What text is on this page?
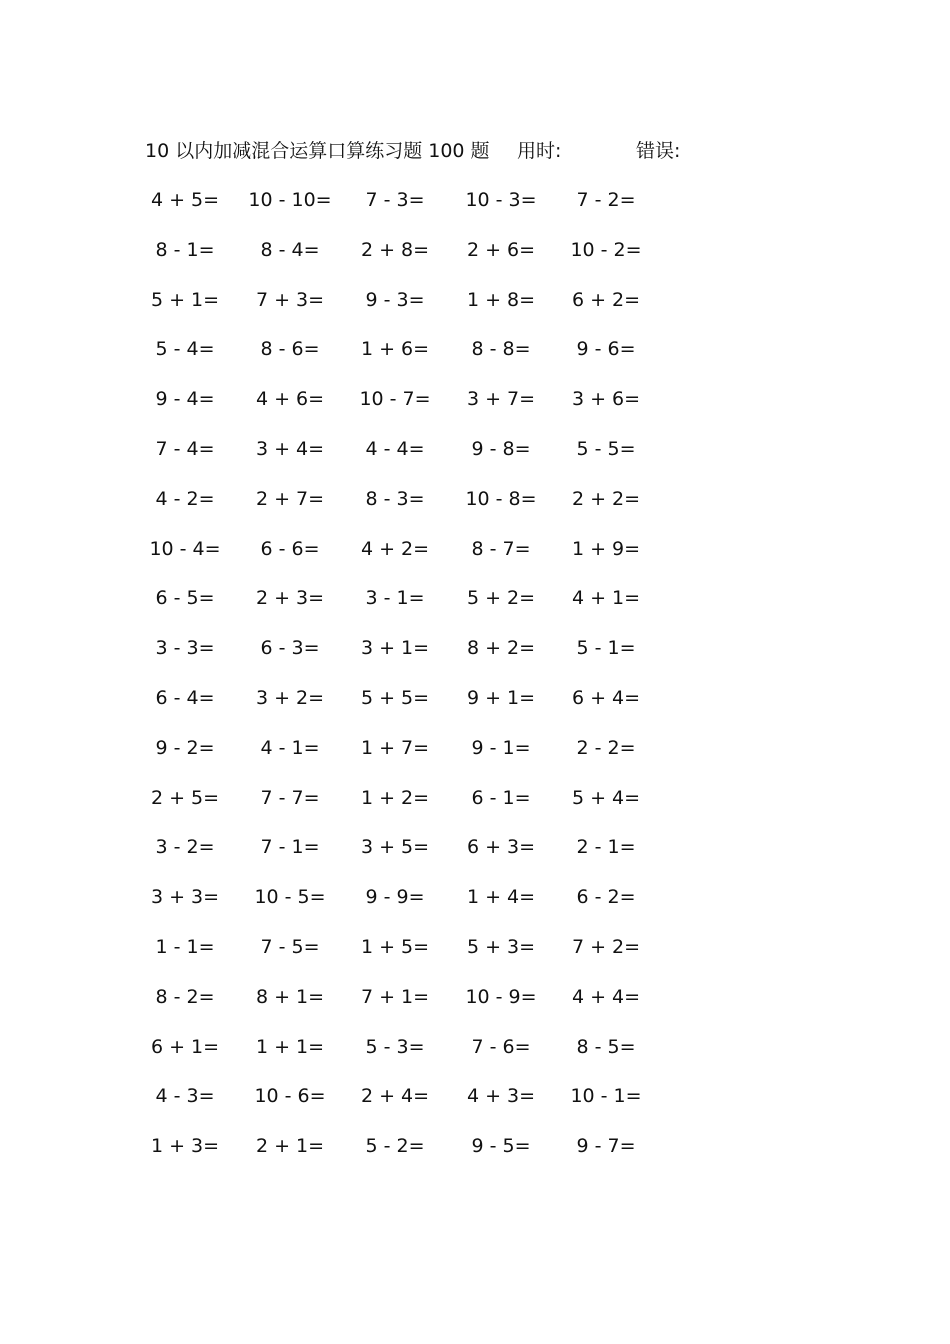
10 以内加减混合运算口算练习题 100 题 用时:	错误:
4 + 5=	10 - 10=	7 - 3=	10 - 3=	7 - 2=
8 - 1=	8 - 4=	2 + 8=	2 + 6=	10 - 2=
5 + 1=	7 + 3=	9 - 3=	1 + 8=	6 + 2=
5 - 4=	8 - 6=	1 + 6=	8 - 8=	9 - 6=
9 - 4=	4 + 6=	10 - 7=	3 + 7=	3 + 6=
7 - 4=	3 + 4=	4 - 4=	9 - 8=	5 - 5=
4 - 2=	2 + 7=	8 - 3=	10 - 8=	2 + 2=
10 - 4=	6 - 6=	4 + 2=	8 - 7=	1 + 9=
6 - 5=	2 + 3=	3 - 1=	5 + 2=	4 + 1=
3 - 3=	6 - 3=	3 + 1=	8 + 2=	5 - 1=
6 - 4=	3 + 2=	5 + 5=	9 + 1=	6 + 4=
9 - 2=	4 - 1=	1 + 7=	9 - 1=	2 - 2=
2 + 5=	7 - 7=	1 + 2=	6 - 1=	5 + 4=
3 - 2=	7 - 1=	3 + 5=	6 + 3=	2 - 1=
3 + 3=	10 - 5=	9 - 9=	1 + 4=	6 - 2=
1 - 1=	7 - 5=	1 + 5=	5 + 3=	7 + 2=
8 - 2=	8 + 1=	7 + 1=	10 - 9=	4 + 4=
6 + 1=	1 + 1=	5 - 3=	7 - 6=	8 - 5=
4 - 3=	10 - 6=	2 + 4=	4 + 3=	10 - 1=
1 + 3=	2 + 1=	5 - 2=	9 - 5=	9 - 7=
